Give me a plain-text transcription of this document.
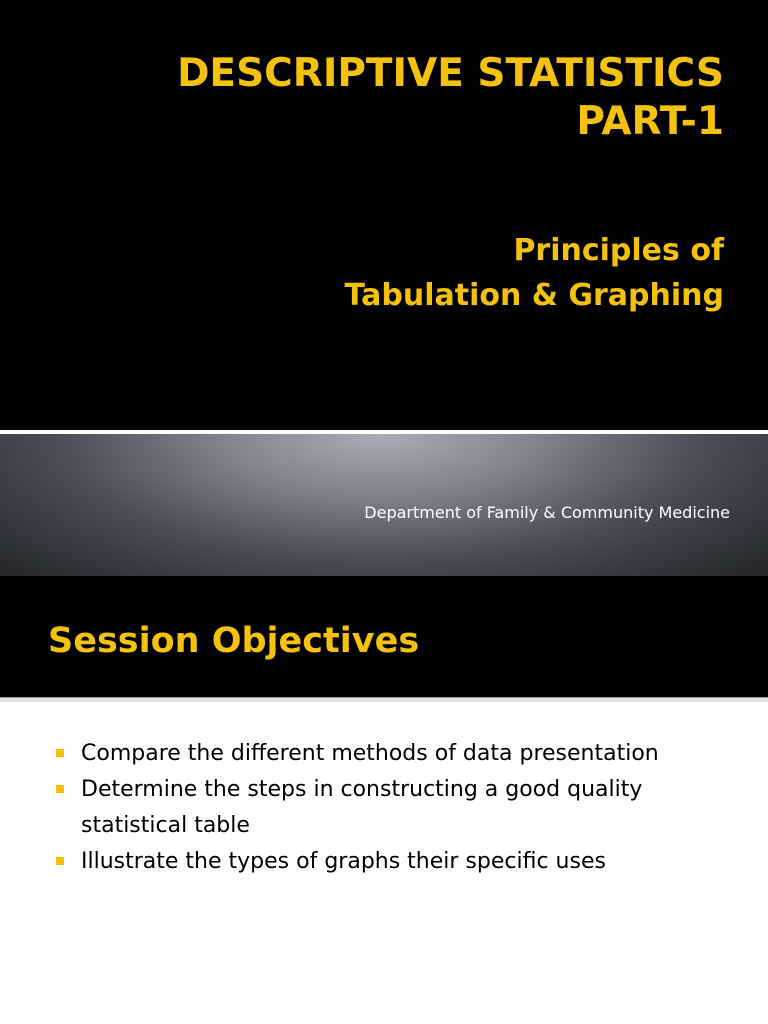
DESCRIPTIVE STATISTICS
PART-1
Principles of
Tabulation & Graphing
Department of Family & Community Medicine
Session Objectives
Compare the different methods of data presentation
Determine the steps in constructing a good quality statistical table
Illustrate the types of graphs their specific uses
